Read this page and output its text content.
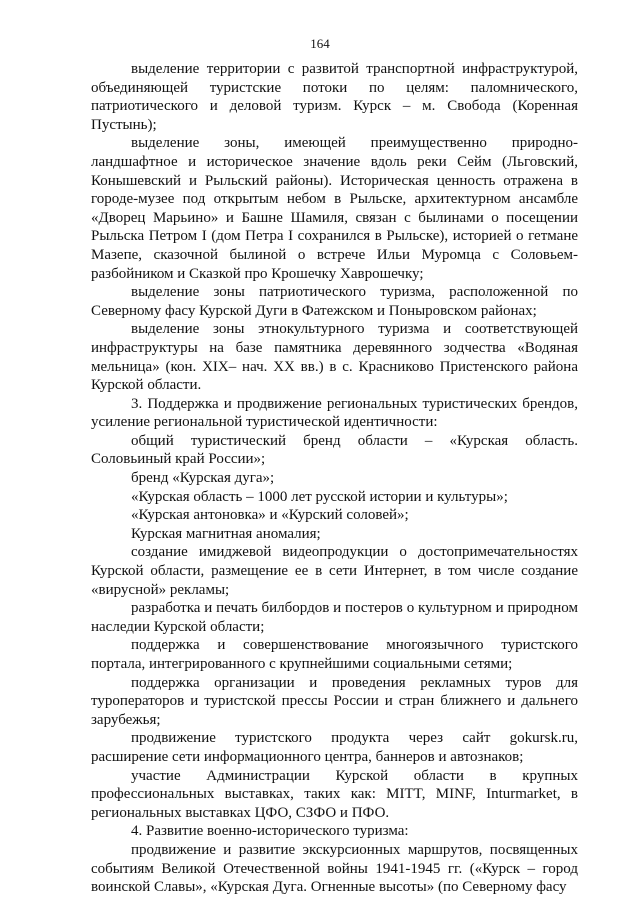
164

выделение территории с развитой транспортной инфраструктурой, объединяющей туристские потоки по целям: паломнического, патриотического и деловой туризм. Курск – м. Свобода (Коренная Пустынь);

выделение зоны, имеющей преимущественно природно-ландшафтное и историческое значение вдоль реки Сейм (Льговский, Конышевский и Рыльский районы). Историческая ценность отражена в городе-музее под открытым небом в Рыльске, архитектурном ансамбле «Дворец Марьино» и Башне Шамиля, связан с былинами о посещении Рыльска Петром I (дом Петра I сохранился в Рыльске), историей о гетмане Мазепе, сказочной былиной о встрече Ильи Муромца с Соловьем-разбойником и Сказкой про Крошечку Хаврошечку;

выделение зоны патриотического туризма, расположенной по Северному фасу Курской Дуги в Фатежском и Поныровском районах;

выделение зоны этнокультурного туризма и соответствующей инфраструктуры на базе памятника деревянного зодчества «Водяная мельница» (кон. XIX– нач. XX вв.) в с. Красниково Пристенского района Курской области.

3. Поддержка и продвижение региональных туристических брендов, усиление региональной туристической идентичности:

общий туристический бренд области – «Курская область. Соловьиный край России»;

бренд «Курская дуга»;

«Курская область – 1000 лет русской истории и культуры»;

«Курская антоновка» и «Курский соловей»;

Курская магнитная аномалия;

создание имиджевой видеопродукции о достопримечательностях Курской области, размещение ее в сети Интернет, в том числе создание «вирусной» рекламы;

разработка и печать билбордов и постеров о культурном и природном наследии Курской области;

поддержка и совершенствование многоязычного туристского портала, интегрированного с крупнейшими социальными сетями;

поддержка организации и проведения рекламных туров для туроператоров и туристской прессы России и стран ближнего и дальнего зарубежья;

продвижение туристского продукта через сайт gokursk.ru, расширение сети информационного центра, баннеров и автознаков;

участие Администрации Курской области в крупных профессиональных выставках, таких как: MITT, MINF, Inturmarket, в региональных выставках ЦФО, СЗФО и ПФО.

4. Развитие военно-исторического туризма:

продвижение и развитие экскурсионных маршрутов, посвященных событиям Великой Отечественной войны 1941-1945 гг. («Курск – город воинской Славы», «Курская Дуга. Огненные высоты» (по Северному фасу
